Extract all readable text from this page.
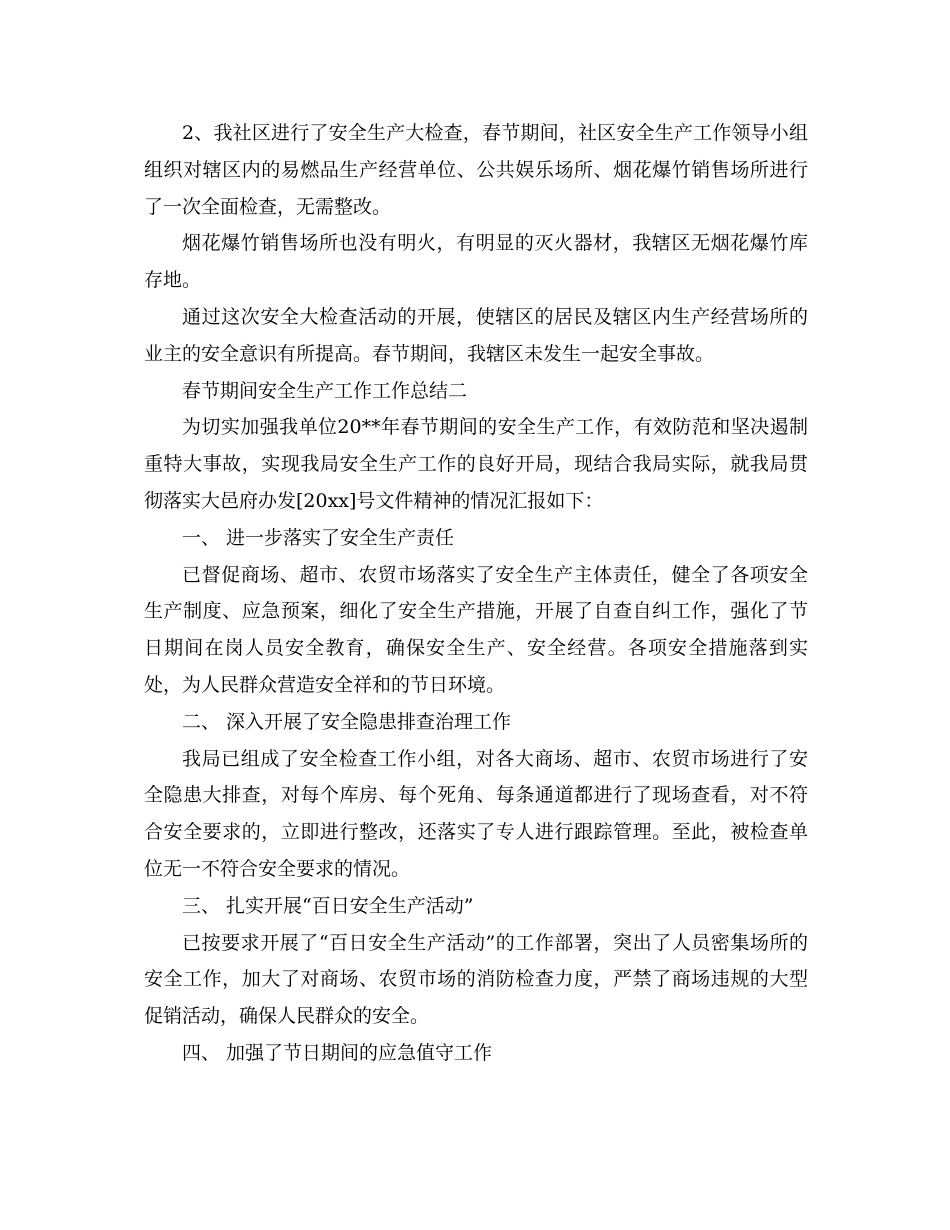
2、我社区进行了安全生产大检查，春节期间，社区安全生产工作领导小组组织对辖区内的易燃品生产经营单位、公共娱乐场所、烟花爆竹销售场所进行了一次全面检查，无需整改。

烟花爆竹销售场所也没有明火，有明显的灭火器材，我辖区无烟花爆竹库存地。

通过这次安全大检查活动的开展，使辖区的居民及辖区内生产经营场所的业主的安全意识有所提高。春节期间，我辖区未发生一起安全事故。

春节期间安全生产工作工作总结二

为切实加强我单位20**年春节期间的安全生产工作，有效防范和坚决遏制重特大事故，实现我局安全生产工作的良好开局，现结合我局实际，就我局贯彻落实大邑府办发[20xx]号文件精神的情况汇报如下：

一、 进一步落实了安全生产责任

已督促商场、超市、农贸市场落实了安全生产主体责任，健全了各项安全生产制度、应急预案，细化了安全生产措施，开展了自查自纠工作，强化了节日期间在岗人员安全教育，确保安全生产、安全经营。各项安全措施落到实处，为人民群众营造安全祥和的节日环境。

二、 深入开展了安全隐患排查治理工作

我局已组成了安全检查工作小组，对各大商场、超市、农贸市场进行了安全隐患大排查，对每个库房、每个死角、每条通道都进行了现场查看，对不符合安全要求的，立即进行整改，还落实了专人进行跟踪管理。至此，被检查单位无一不符合安全要求的情况。

三、 扎实开展“百日安全生产活动”

已按要求开展了“百日安全生产活动”的工作部署，突出了人员密集场所的安全工作，加大了对商场、农贸市场的消防检查力度，严禁了商场违规的大型促销活动，确保人民群众的安全。

四、 加强了节日期间的应急值守工作
